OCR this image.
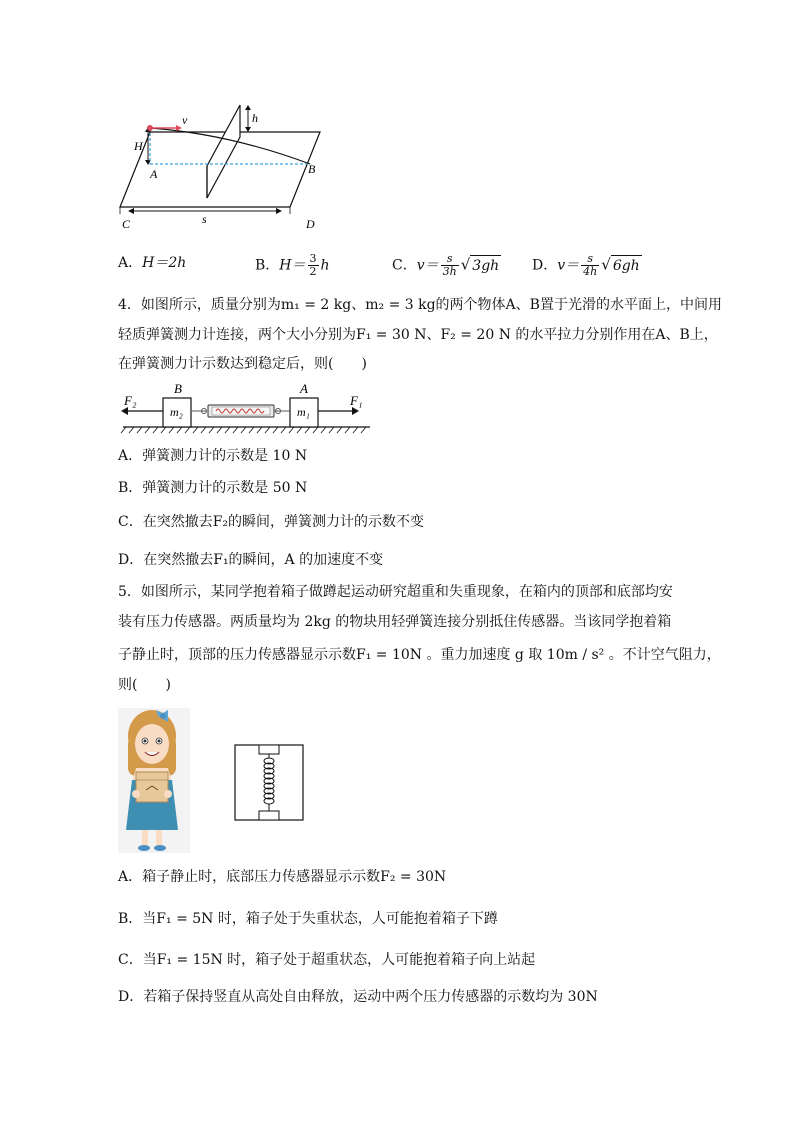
v	h
H
A	B
C	D
s
A．H＝2h	B．$H= \frac{3}{2}$ h	C．$v= \frac{s}{3h}$ √ 3gh D．$v= \frac{s}{4h}$ √ 6gh
4．如图所示，质量分别为m₁ = 2 kg、m₂ = 3 kg的两个物体A、B置于光滑的水平面上，中间用
轻质弹簧测力计连接，两个大小分别为F₁ = 30 N、F₂ = 20 N 的水平拉力分别作用在A、B上，
在弹簧测力计示数达到稳定后，则(　　)
F₂	F₁
B	A
m₂	m₁
A．弹簧测力计的示数是 10 N
B．弹簧测力计的示数是 50 N
C．在突然撤去F₂的瞬间，弹簧测力计的示数不变
D．在突然撤去F₁的瞬间，A 的加速度不变
5．如图所示，某同学抱着箱子做蹲起运动研究超重和失重现象，在箱内的顶部和底部均安
装有压力传感器。两质量均为 2kg 的物块用轻弹簧连接分别抵住传感器。当该同学抱着箱
子静止时，顶部的压力传感器显示示数F₁ = 10N 。重力加速度 g 取 10m / s² 。不计空气阻力，
则(　　)
A．箱子静止时，底部压力传感器显示示数F₂ = 30N
B．当F₁ = 5N 时，箱子处于失重状态，人可能抱着箱子下蹲
C．当F₁ = 15N 时，箱子处于超重状态，人可能抱着箱子向上站起
D．若箱子保持竖直从高处自由释放，运动中两个压力传感器的示数均为 30N
